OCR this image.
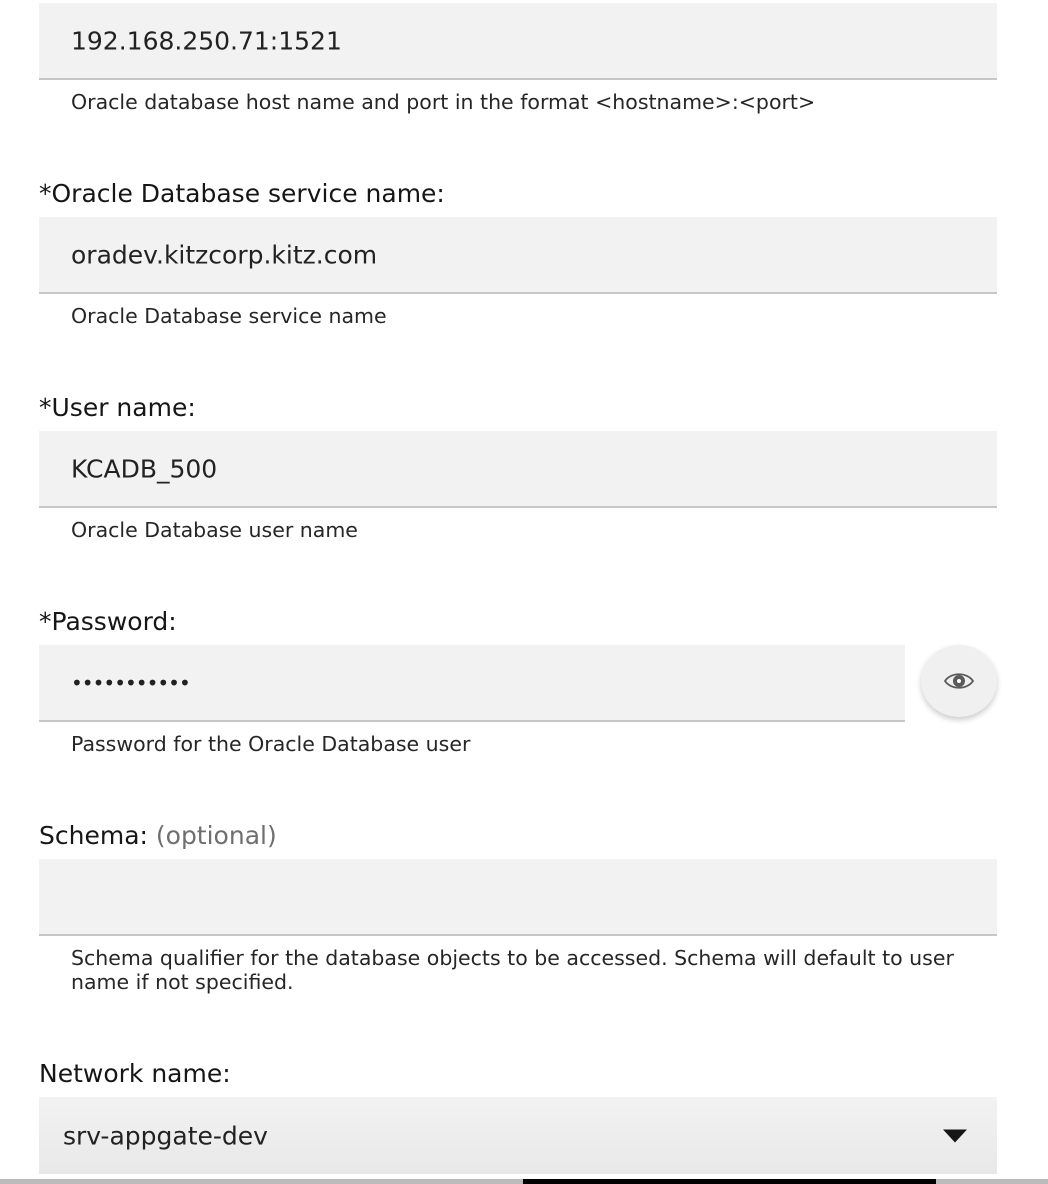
192.168.250.71:1521
Oracle database host name and port in the format <hostname>:<port>
*Oracle Database service name:
oradev.kitzcorp.kitz.com
Oracle Database service name
*User name:
KCADB_500
Oracle Database user name
*Password:
•••••••••••
Password for the Oracle Database user
Schema: (optional)
Schema qualifier for the database objects to be accessed. Schema will default to user name if not specified.
Network name:
srv-appgate-dev
